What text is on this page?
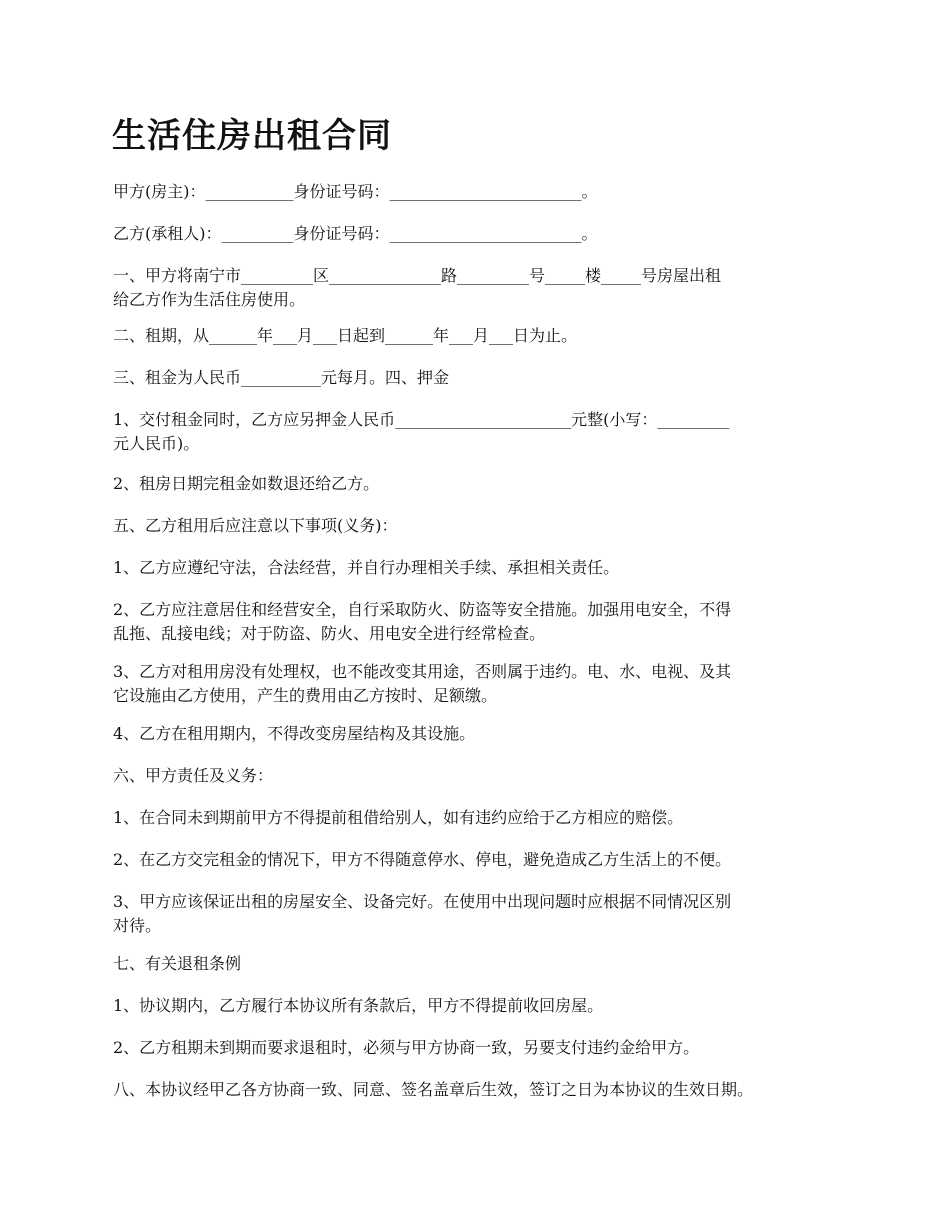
生活住房出租合同

甲方(房主)：___________身份证号码：________________________。

乙方(承租人)：_________身份证号码：________________________。

一、甲方将南宁市_________区______________路_________号_____楼_____号房屋出租
给乙方作为生活住房使用。

二、租期，从______年___月___日起到______年___月___日为止。

三、租金为人民币__________元每月。四、押金

1、交付租金同时，乙方应另押金人民币______________________元整(小写：_________
元人民币)。

2、租房日期完租金如数退还给乙方。

五、乙方租用后应注意以下事项(义务)：

1、乙方应遵纪守法，合法经营，并自行办理相关手续、承担相关责任。

2、乙方应注意居住和经营安全，自行采取防火、防盗等安全措施。加强用电安全，不得
乱拖、乱接电线；对于防盗、防火、用电安全进行经常检查。

3、乙方对租用房没有处理权，也不能改变其用途，否则属于违约。电、水、电视、及其
它设施由乙方使用，产生的费用由乙方按时、足额缴。

4、乙方在租用期内，不得改变房屋结构及其设施。

六、甲方责任及义务：

1、在合同未到期前甲方不得提前租借给别人，如有违约应给于乙方相应的赔偿。

2、在乙方交完租金的情况下，甲方不得随意停水、停电，避免造成乙方生活上的不便。

3、甲方应该保证出租的房屋安全、设备完好。在使用中出现问题时应根据不同情况区别
对待。

七、有关退租条例

1、协议期内，乙方履行本协议所有条款后，甲方不得提前收回房屋。

2、乙方租期未到期而要求退租时，必须与甲方协商一致，另要支付违约金给甲方。

八、本协议经甲乙各方协商一致、同意、签名盖章后生效，签订之日为本协议的生效日期。
